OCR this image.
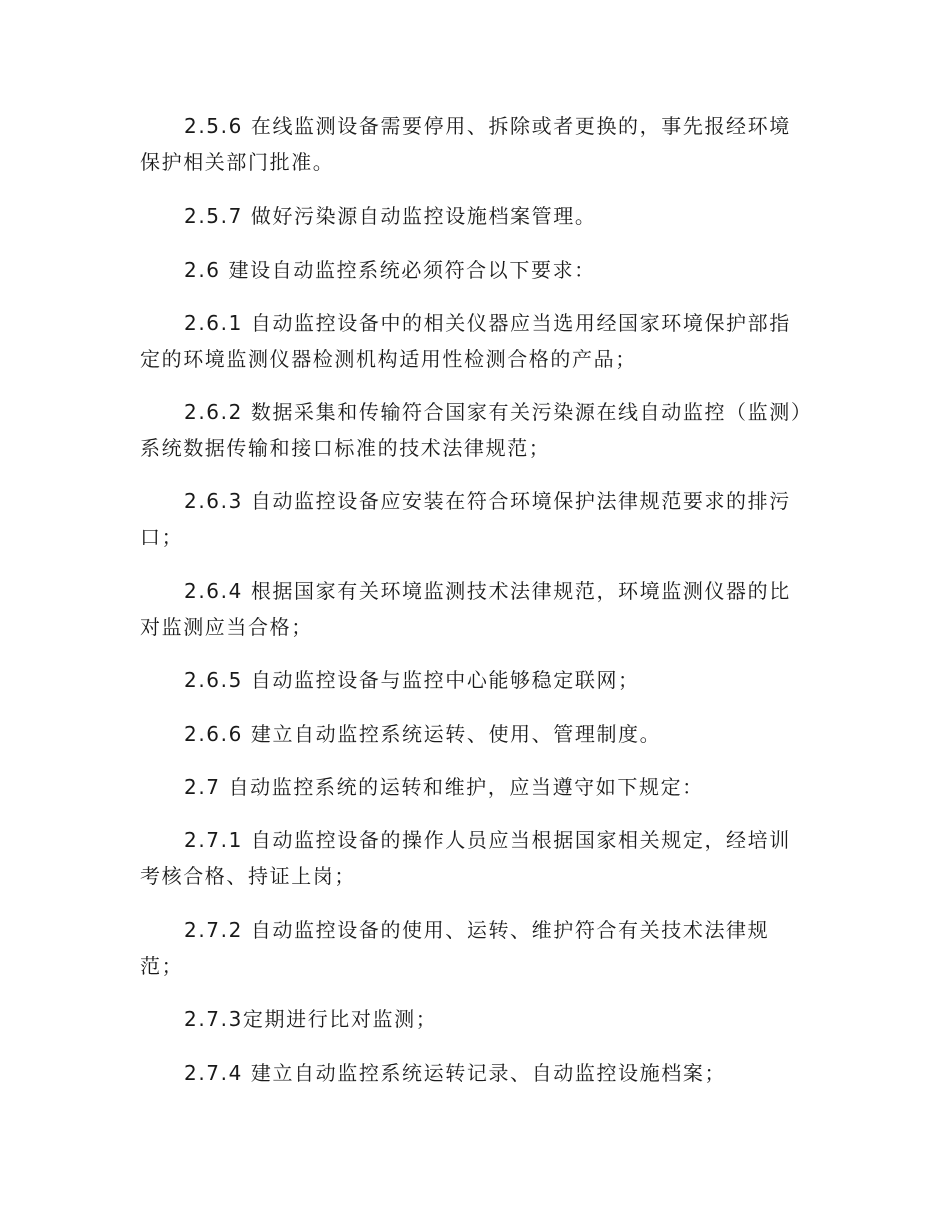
2.5.6 在线监测设备需要停用、拆除或者更换的，事先报经环境保护相关部门批准。

2.5.7 做好污染源自动监控设施档案管理。

2.6 建设自动监控系统必须符合以下要求：

2.6.1 自动监控设备中的相关仪器应当选用经国家环境保护部指定的环境监测仪器检测机构适用性检测合格的产品；

2.6.2 数据采集和传输符合国家有关污染源在线自动监控（监测）系统数据传输和接口标准的技术法律规范；

2.6.3 自动监控设备应安装在符合环境保护法律规范要求的排污口；

2.6.4 根据国家有关环境监测技术法律规范，环境监测仪器的比对监测应当合格；

2.6.5 自动监控设备与监控中心能够稳定联网；

2.6.6 建立自动监控系统运转、使用、管理制度。

2.7 自动监控系统的运转和维护，应当遵守如下规定：

2.7.1 自动监控设备的操作人员应当根据国家相关规定，经培训考核合格、持证上岗；

2.7.2 自动监控设备的使用、运转、维护符合有关技术法律规范；

2.7.3定期进行比对监测；

2.7.4 建立自动监控系统运转记录、自动监控设施档案；
